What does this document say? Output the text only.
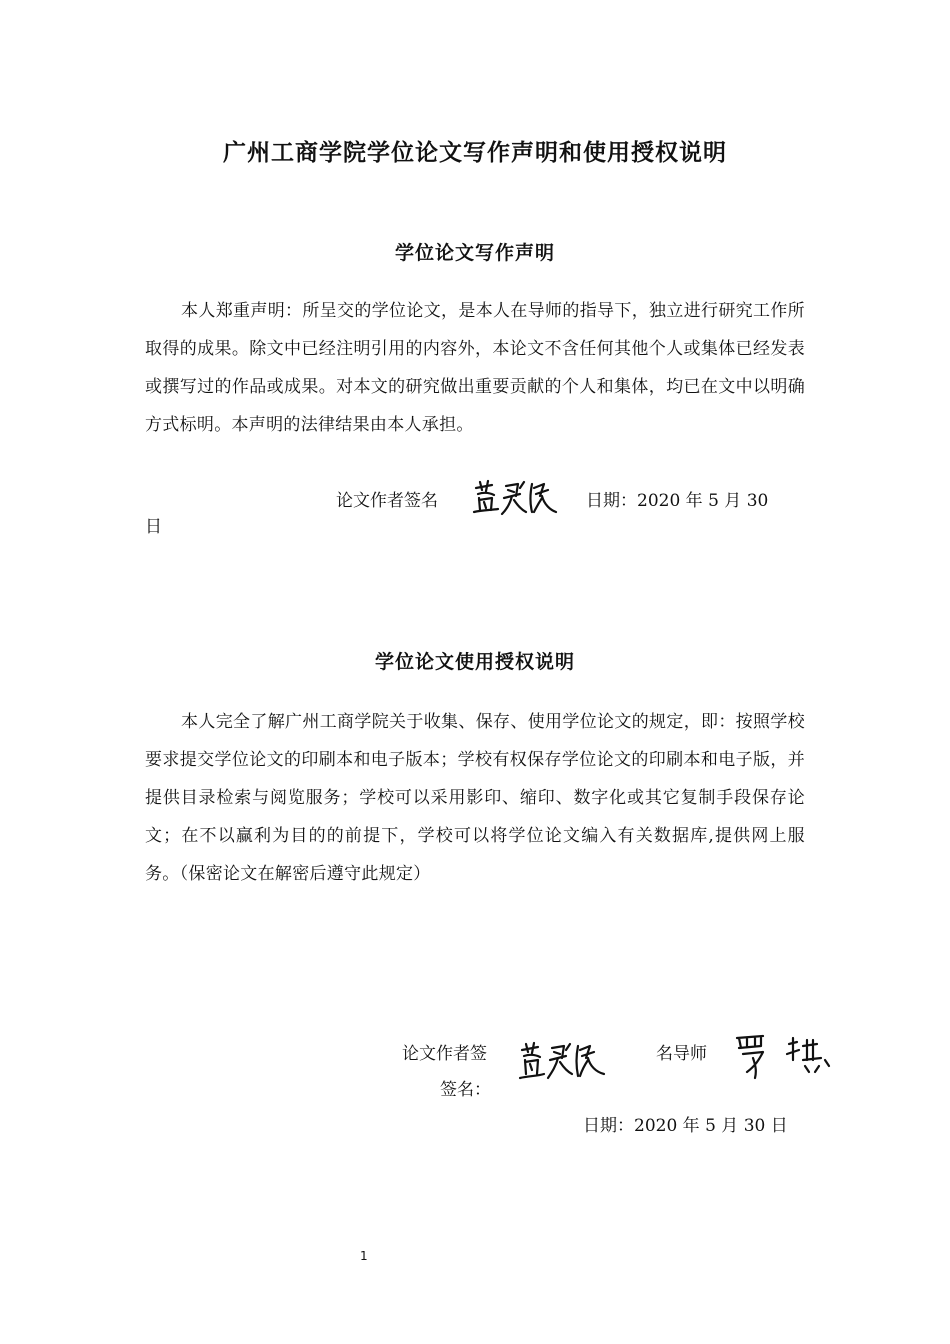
广州工商学院学位论文写作声明和使用授权说明
学位论文写作声明
本人郑重声明：所呈交的学位论文，是本人在导师的指导下，独立进行研究工作所取得的成果。除文中已经注明引用的内容外，本论文不含任何其他个人或集体已经发表或撰写过的作品或成果。对本文的研究做出重要贡献的个人和集体，均已在文中以明确方式标明。本声明的法律结果由本人承担。
论文作者签名	日期：2020 年 5 月 30
日
学位论文使用授权说明
本人完全了解广州工商学院关于收集、保存、使用学位论文的规定，即：按照学校要求提交学位论文的印刷本和电子版本；学校有权保存学位论文的印刷本和电子版，并提供目录检索与阅览服务；学校可以采用影印、缩印、数字化或其它复制手段保存论文；在不以赢利为目的的前提下，学校可以将学位论文编入有关数据库,提供网上服务。（保密论文在解密后遵守此规定）
论文作者签
签名：
名导师
日期：2020 年 5 月 30 日
1
